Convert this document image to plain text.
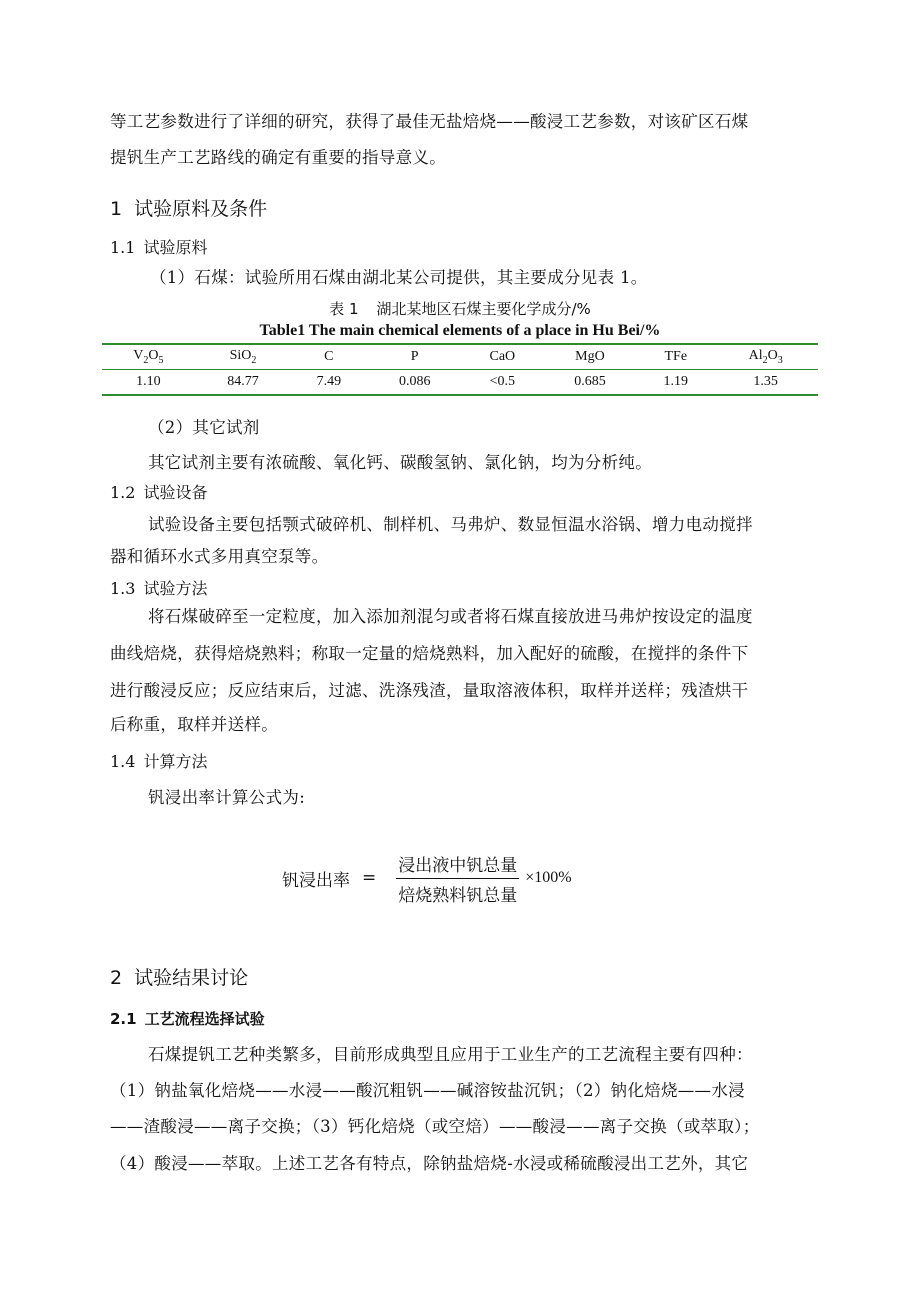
等工艺参数进行了详细的研究，获得了最佳无盐焙烧——酸浸工艺参数，对该矿区石煤
提钒生产工艺路线的确定有重要的指导意义。
1 试验原料及条件
1.1 试验原料
（1）石煤：试验所用石煤由湖北某公司提供，其主要成分见表 1。
表 1 湖北某地区石煤主要化学成分/%
Table1 The main chemical elements of a place in Hu Bei/%
$V_2O_5$	SiO$_2$	C	P	CaO	MgO	TFe	$Al_2O_3$
1.10	84.77	7.49	0.086	<0.5	0.685	1.19	1.35
（2）其它试剂
其它试剂主要有浓硫酸、氧化钙、碳酸氢钠、氯化钠，均为分析纯。
1.2 试验设备
试验设备主要包括颚式破碎机、制样机、马弗炉、数显恒温水浴锅、增力电动搅拌
器和循环水式多用真空泵等。
1.3 试验方法
将石煤破碎至一定粒度，加入添加剂混匀或者将石煤直接放进马弗炉按设定的温度
曲线焙烧，获得焙烧熟料；称取一定量的焙烧熟料，加入配好的硫酸，在搅拌的条件下
进行酸浸反应；反应结束后，过滤、洗涤残渣，量取溶液体积，取样并送样；残渣烘干
后称重，取样并送样。
1.4 计算方法
钒浸出率计算公式为:
钒浸出率 = $\frac{\text{浸出液中钒总量}}{\text{焙烧熟料钒总量}} \times 100\%$
2 试验结果讨论
2.1 工艺流程选择试验
石煤提钒工艺种类繁多，目前形成典型且应用于工业生产的工艺流程主要有四种：
（1）钠盐氧化焙烧——水浸——酸沉粗钒——碱溶铵盐沉钒；（2）钠化焙烧——水浸
——渣酸浸——离子交换；（3）钙化焙烧（或空焙）——酸浸——离子交换（或萃取）；
（4）酸浸——萃取。上述工艺各有特点，除钠盐焙烧-水浸或稀硫酸浸出工艺外，其它
